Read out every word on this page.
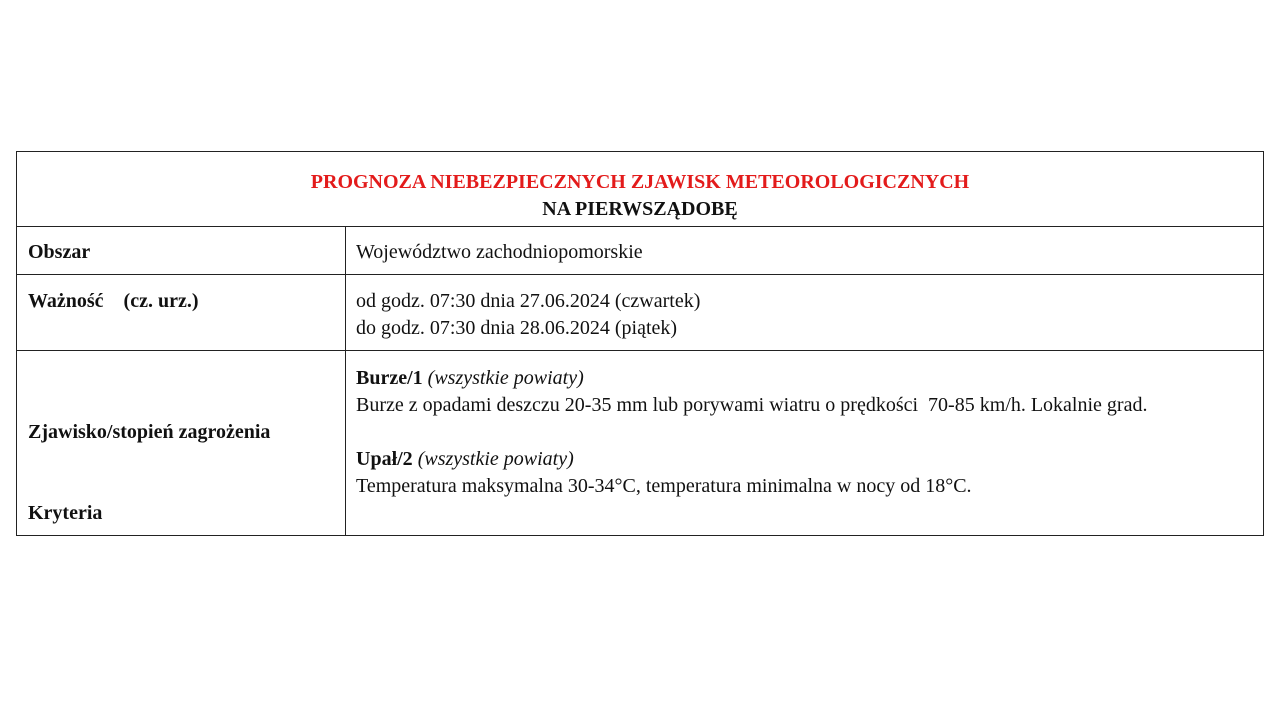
PROGNOZA NIEBEZPIECZNYCH ZJAWISK METEOROLOGICZNYCH
NA PIERWSZĄDOBĘ
Obszar	Województwo zachodniopomorskie
Ważność    (cz. urz.)	od godz. 07:30 dnia 27.06.2024 (czwartek)
do godz. 07:30 dnia 28.06.2024 (piątek)

Zjawisko/stopień zagrożenia

Kryteria

Burze/1 (wszystkie powiaty)
Burze z opadami deszczu 20-35 mm lub porywami wiatru o prędkości  70-85 km/h. Lokalnie grad.
Upał/2 (wszystkie powiaty)
Temperatura maksymalna 30-34°C, temperatura minimalna w nocy od 18°C.
